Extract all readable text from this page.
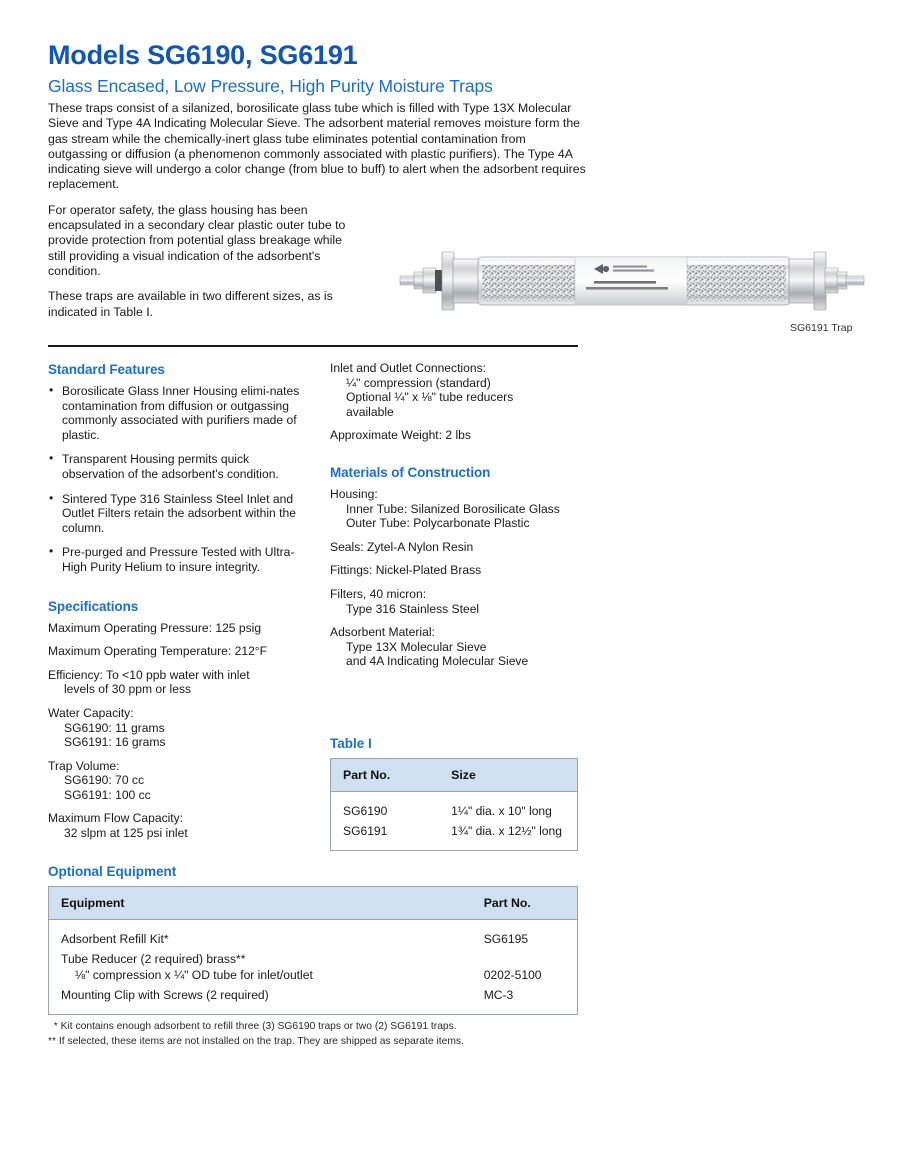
Models SG6190, SG6191
Glass Encased, Low Pressure, High Purity Moisture Traps

These traps consist of a silanized, borosilicate glass tube which is filled with Type 13X Molecular Sieve and Type 4A Indicating Molecular Sieve. The adsorbent material removes moisture form the gas stream while the chemically-inert glass tube eliminates potential contamination from outgassing or diffusion (a phenomenon commonly associated with plastic purifiers). The Type 4A indicating sieve will undergo a color change (from blue to buff) to alert when the adsorbent requires replacement.

For operator safety, the glass housing has been encapsulated in a secondary clear plastic outer tube to provide protection from potential glass breakage while still providing a visual indication of the adsorbent's condition.

These traps are available in two different sizes, as is indicated in Table I.

SG6191 Trap
Standard Features
• Borosilicate Glass Inner Housing elimi-nates contamination from diffusion or outgassing commonly associated with purifiers made of plastic.
• Transparent Housing permits quick observation of the adsorbent's condition.
• Sintered Type 316 Stainless Steel Inlet and Outlet Filters retain the adsorbent within the column.
• Pre-purged and Pressure Tested with Ultra-High Purity Helium to insure integrity.
Specifications
Maximum Operating Pressure: 125 psig
Maximum Operating Temperature: 212°F
Efficiency: To <10 ppb water with inlet
levels of 30 ppm or less
Water Capacity:
SG6190: 11 grams
SG6191: 16 grams
Trap Volume:
SG6190: 70 cc
SG6191: 100 cc
Maximum Flow Capacity:
32 slpm at 125 psi inlet
Inlet and Outlet Connections:
¼" compression (standard)
Optional ¼" x ⅛" tube reducers
available
Approximate Weight: 2 lbs
Materials of Construction
Housing:
Inner Tube: Silanized Borosilicate Glass
Outer Tube: Polycarbonate Plastic
Seals: Zytel-A Nylon Resin
Fittings: Nickel-Plated Brass
Filters, 40 micron:
Type 316 Stainless Steel
Adsorbent Material:
Type 13X Molecular Sieve
and 4A Indicating Molecular Sieve
Table I
Part No.	Size
SG6190	1¼" dia. x 10" long
SG6191	1¾" dia. x 12½" long
Optional Equipment
Equipment	Part No.
Adsorbent Refill Kit*	SG6195
Tube Reducer (2 required) brass**
⅛" compression x ¼" OD tube for inlet/outlet	0202-5100
Mounting Clip with Screws (2 required)	MC-3
* Kit contains enough adsorbent to refill three (3) SG6190 traps or two (2) SG6191 traps.
** If selected, these items are not installed on the trap. They are shipped as separate items.
